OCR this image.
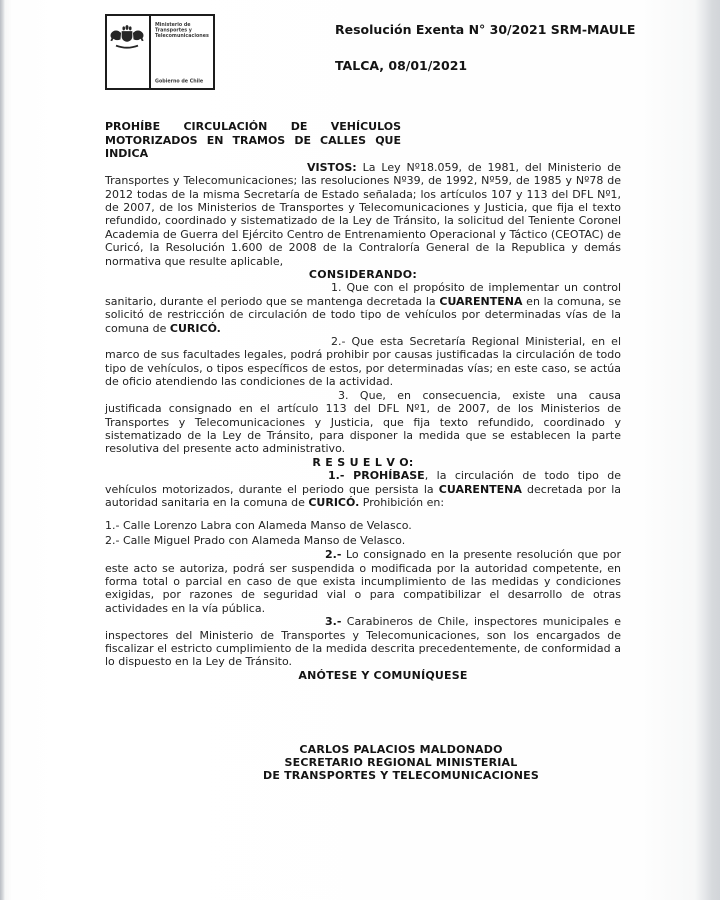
Ministerio de Transportes y Telecomunicaciones
Gobierno de Chile
Resolución Exenta N° 30/2021 SRM-MAULE
TALCA, 08/01/2021

PROHÍBE CIRCULACIÓN DE VEHÍCULOS MOTORIZADOS EN TRAMOS DE CALLES QUE INDICA

VISTOS: La Ley Nº18.059, de 1981, del Ministerio de Transportes y Telecomunicaciones; las resoluciones Nº39, de 1992, Nº59, de 1985 y Nº78 de 2012 todas de la misma Secretaría de Estado señalada; los artículos 107 y 113 del DFL Nº1, de 2007, de los Ministerios de Transportes y Telecomunicaciones y Justicia, que fija el texto refundido, coordinado y sistematizado de la Ley de Tránsito, la solicitud del Teniente Coronel Academia de Guerra del Ejército Centro de Entrenamiento Operacional y Táctico (CEOTAC) de Curicó, la Resolución 1.600 de 2008 de la Contraloría General de la Republica y demás normativa que resulte aplicable,

CONSIDERANDO:

1. Que con el propósito de implementar un control sanitario, durante el periodo que se mantenga decretada la CUARENTENA en la comuna, se solicitó de restricción de circulación de todo tipo de vehículos por determinadas vías de la comuna de CURICÓ.

2.- Que esta Secretaría Regional Ministerial, en el marco de sus facultades legales, podrá prohibir por causas justificadas la circulación de todo tipo de vehículos, o tipos específicos de estos, por determinadas vías; en este caso, se actúa de oficio atendiendo las condiciones de la actividad.

3. Que, en consecuencia, existe una causa justificada consignado en el artículo 113 del DFL Nº1, de 2007, de los Ministerios de Transportes y Telecomunicaciones y Justicia, que fija texto refundido, coordinado y sistematizado de la Ley de Tránsito, para disponer la medida que se establecen la parte resolutiva del presente acto administrativo.

R E S U E L V O:

1.- PROHÍBASE, la circulación de todo tipo de vehículos motorizados, durante el periodo que persista la CUARENTENA decretada por la autoridad sanitaria en la comuna de CURICÓ. Prohibición en:

1.- Calle Lorenzo Labra con Alameda Manso de Velasco.
2.- Calle Miguel Prado con Alameda Manso de Velasco.

2.- Lo consignado en la presente resolución que por este acto se autoriza, podrá ser suspendida o modificada por la autoridad competente, en forma total o parcial en caso de que exista incumplimiento de las medidas y condiciones exigidas, por razones de seguridad vial o para compatibilizar el desarrollo de otras actividades en la vía pública.

3.- Carabineros de Chile, inspectores municipales e inspectores del Ministerio de Transportes y Telecomunicaciones, son los encargados de fiscalizar el estricto cumplimiento de la medida descrita precedentemente, de conformidad a lo dispuesto en la Ley de Tránsito.

ANÓTESE Y COMUNÍQUESE

CARLOS PALACIOS MALDONADO
SECRETARIO REGIONAL MINISTERIAL
DE TRANSPORTES Y TELECOMUNICACIONES
